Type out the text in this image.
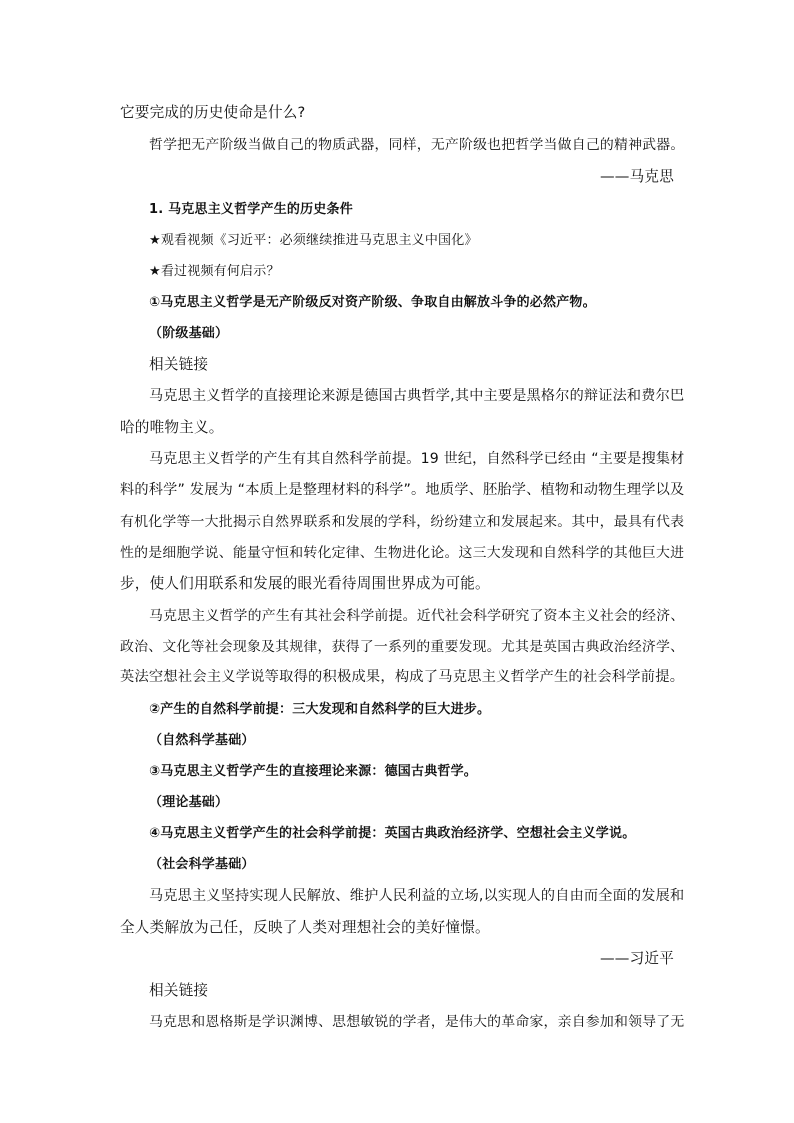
它要完成的历史使命是什么?
哲学把无产阶级当做自己的物质武器，同样，无产阶级也把哲学当做自己的精神武器。
——马克思
1. 马克思主义哲学产生的历史条件
★观看视频《习近平：必须继续推进马克思主义中国化》
★看过视频有何启示？
①马克思主义哲学是无产阶级反对资产阶级、争取自由解放斗争的必然产物。
（阶级基础）
相关链接
马克思主义哲学的直接理论来源是德国古典哲学,其中主要是黑格尔的辩证法和费尔巴
哈的唯物主义。
马克思主义哲学的产生有其自然科学前提。19 世纪，自然科学已经由 “主要是搜集材
料的科学” 发展为 “本质上是整理材料的科学”。地质学、胚胎学、植物和动物生理学以及
有机化学等一大批揭示自然界联系和发展的学科，纷纷建立和发展起来。其中，最具有代表
性的是细胞学说、能量守恒和转化定律、生物进化论。这三大发现和自然科学的其他巨大进
步，使人们用联系和发展的眼光看待周围世界成为可能。
马克思主义哲学的产生有其社会科学前提。近代社会科学研究了资本主义社会的经济、
政治、文化等社会现象及其规律，获得了一系列的重要发现。尤其是英国古典政治经济学、
英法空想社会主义学说等取得的积极成果，构成了马克思主义哲学产生的社会科学前提。
②产生的自然科学前提：三大发现和自然科学的巨大进步。
（自然科学基础）
③马克思主义哲学产生的直接理论来源：德国古典哲学。
（理论基础）
④马克思主义哲学产生的社会科学前提：英国古典政治经济学、空想社会主义学说。
（社会科学基础）
马克思主义坚持实现人民解放、维护人民利益的立场,以实现人的自由而全面的发展和
全人类解放为己任，反映了人类对理想社会的美好憧憬。
——习近平
相关链接
马克思和恩格斯是学识渊博、思想敏锐的学者，是伟大的革命家，亲自参加和领导了无
